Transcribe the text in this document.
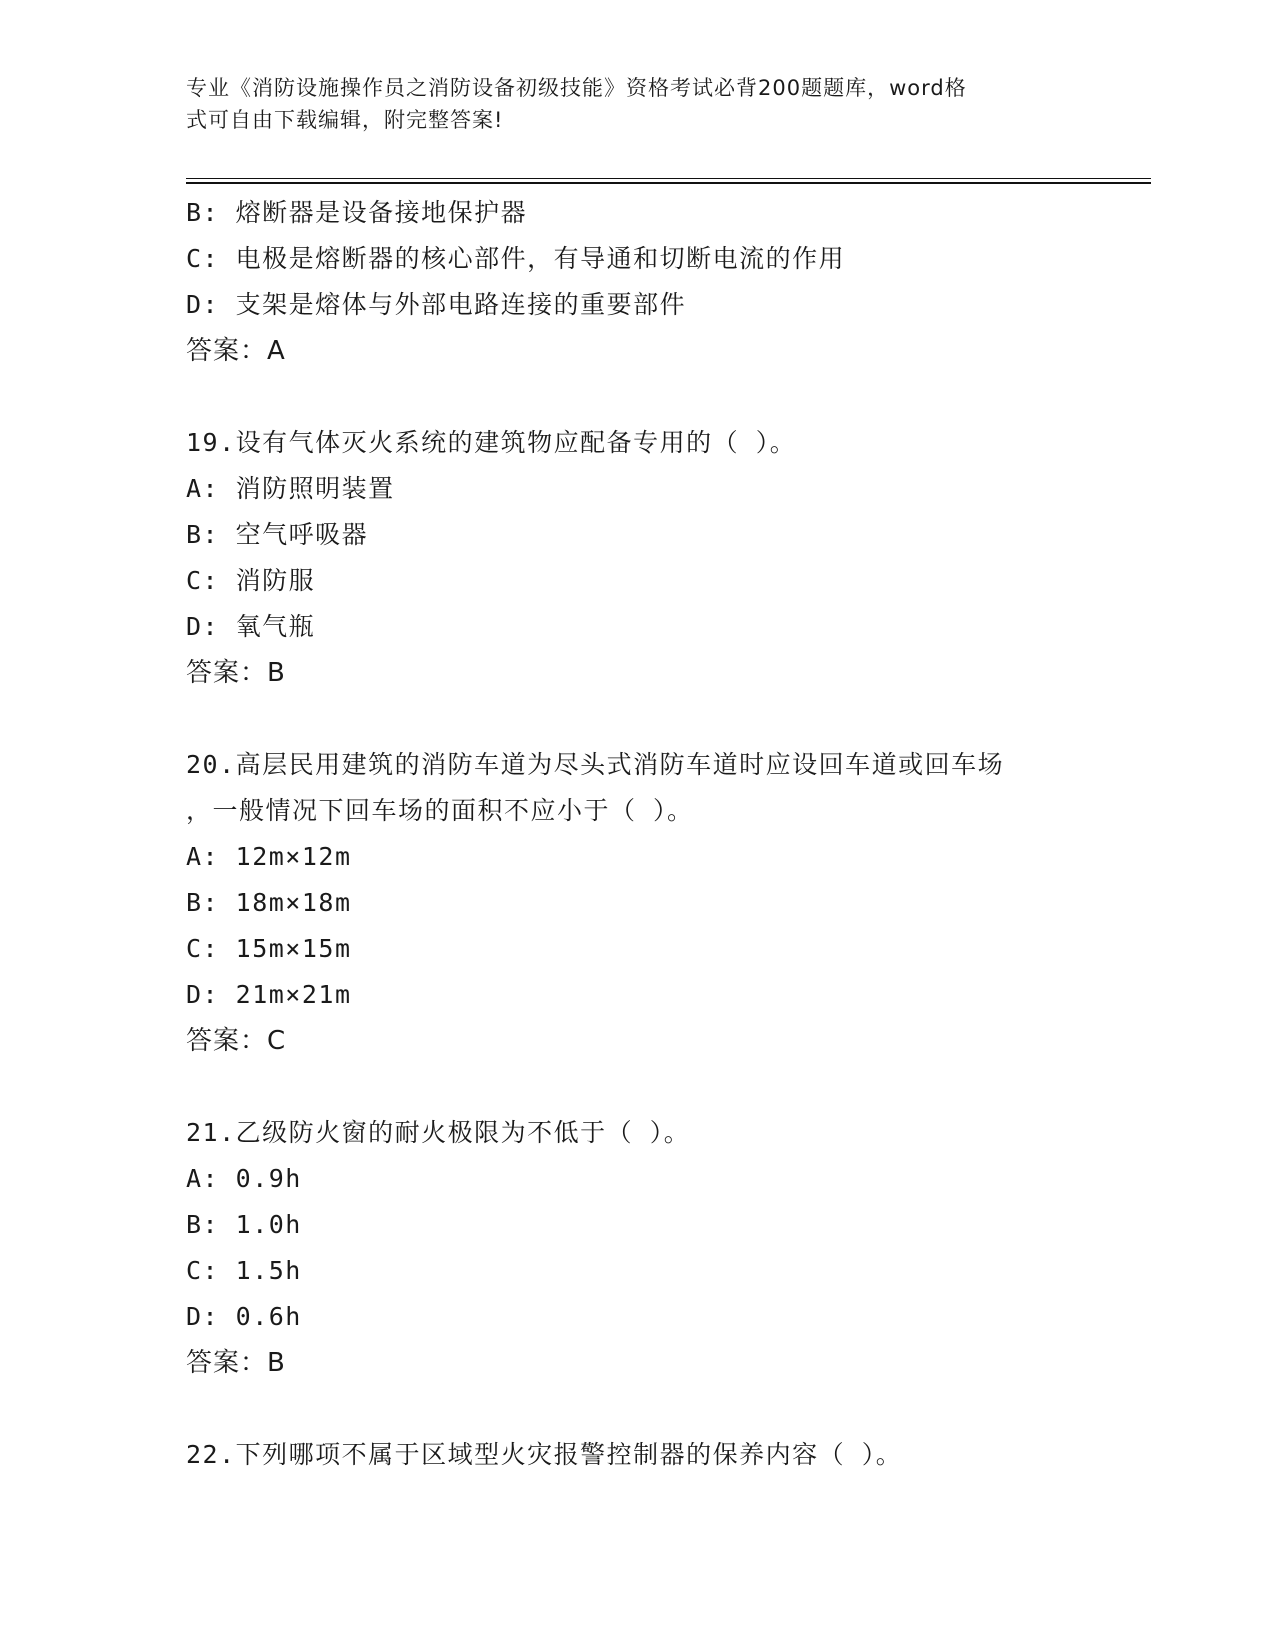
专业《消防设施操作员之消防设备初级技能》资格考试必背200题题库，word格
式可自由下载编辑，附完整答案!
B: 熔断器是设备接地保护器
C: 电极是熔断器的核心部件，有导通和切断电流的作用
D: 支架是熔体与外部电路连接的重要部件
答案：A
19.设有气体灭火系统的建筑物应配备专用的（ ）。
A: 消防照明装置
B: 空气呼吸器
C: 消防服
D: 氧气瓶
答案：B
20.高层民用建筑的消防车道为尽头式消防车道时应设回车道或回车场
，一般情况下回车场的面积不应小于（ ）。
A: 12m×12m
B: 18m×18m
C: 15m×15m
D: 21m×21m
答案：C
21.乙级防火窗的耐火极限为不低于（ ）。
A: 0.9h
B: 1.0h
C: 1.5h
D: 0.6h
答案：B
22.下列哪项不属于区域型火灾报警控制器的保养内容（ ）。
